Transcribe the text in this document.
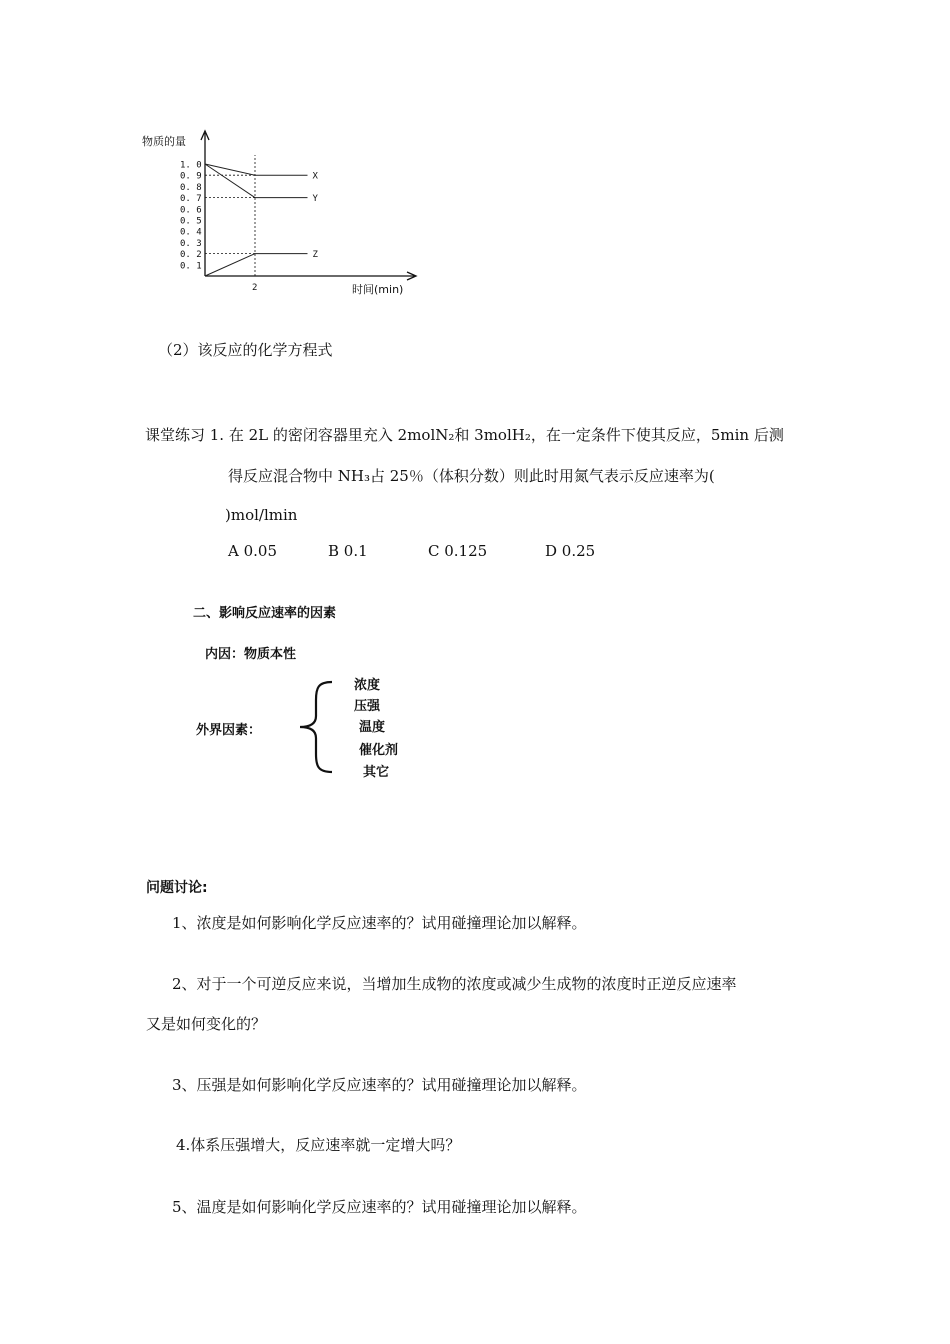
1. 0
0. 9
0. 8
0. 7
0. 6
0. 5
0. 4
0. 3
0. 2
0. 1
2
X
Y
Z
物质的量
时间(min)
（2）该反应的化学方程式
课堂练习 1. 在 2L 的密闭容器里充入 2molN₂和 3molH₂，在一定条件下使其反应，5min 后测
得反应混合物中 NH₃占 25％（体积分数）则此时用氮气表示反应速率为(
)mol/lmin
A 0.05	B 0.1	C 0.125	D 0.25
二、影响反应速率的因素
内因：物质本性
外界因素：
浓度
压强
温度
催化剂
其它
问题讨论:
1、浓度是如何影响化学反应速率的？试用碰撞理论加以解释。
2、对于一个可逆反应来说，当增加生成物的浓度或减少生成物的浓度时正逆反应速率
又是如何变化的？
3、压强是如何影响化学反应速率的？试用碰撞理论加以解释。
4.体系压强增大，反应速率就一定增大吗？
5、温度是如何影响化学反应速率的？试用碰撞理论加以解释。
